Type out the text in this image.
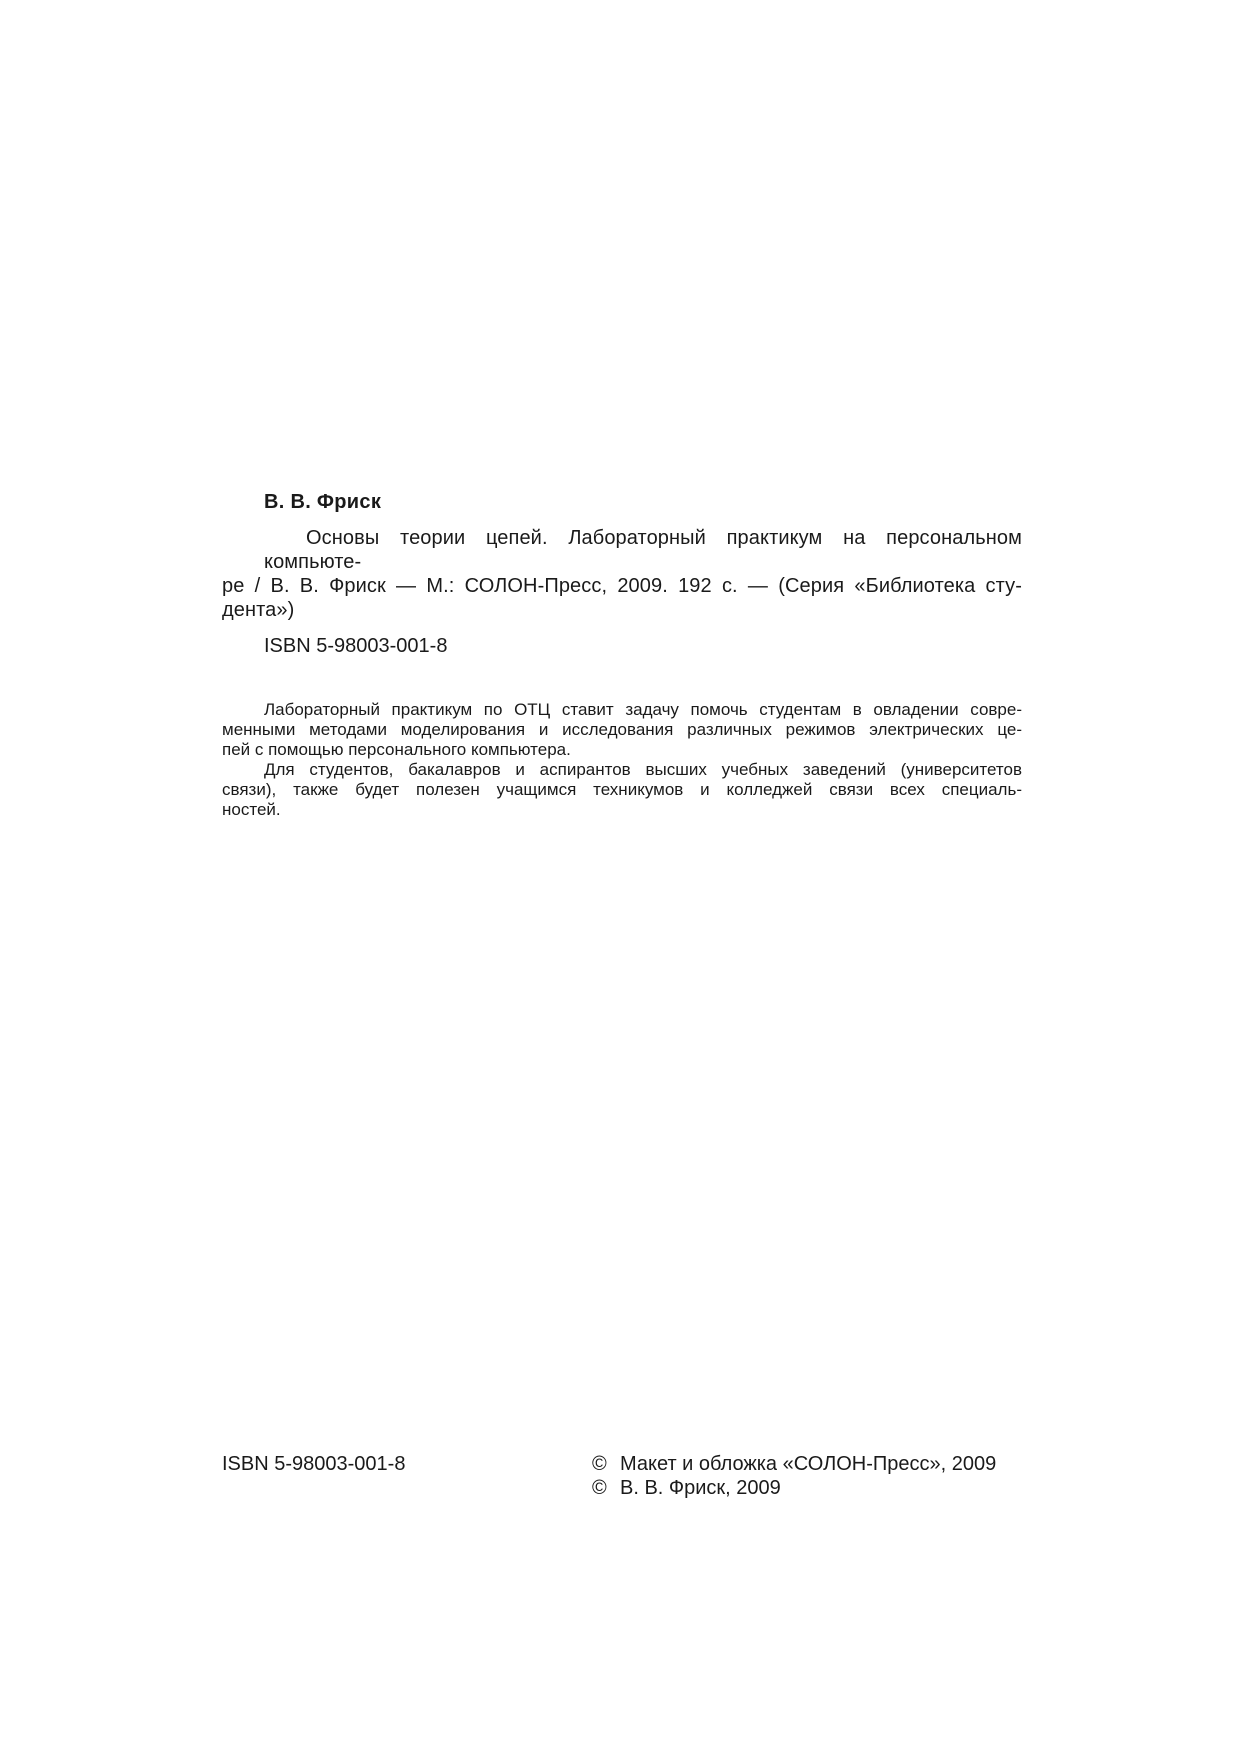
В. В. Фриск
Основы теории цепей. Лабораторный практикум на персональном компьюте-
ре / В. В. Фриск — М.: СОЛОН-Пресс, 2009. 192 с. — (Серия «Библиотека сту-
дента»)
ISBN 5-98003-001-8
Лабораторный практикум по ОТЦ ставит задачу помочь студентам в овладении совре-
менными методами моделирования и исследования различных режимов электрических це-
пей с помощью персонального компьютера.
Для студентов, бакалавров и аспирантов высших учебных заведений (университетов
связи), также будет полезен учащимся техникумов и колледжей связи всех специаль-
ностей.
ISBN 5-98003-001-8	© Макет и обложка «СОЛОН-Пресс», 2009
© В. В. Фриск, 2009
